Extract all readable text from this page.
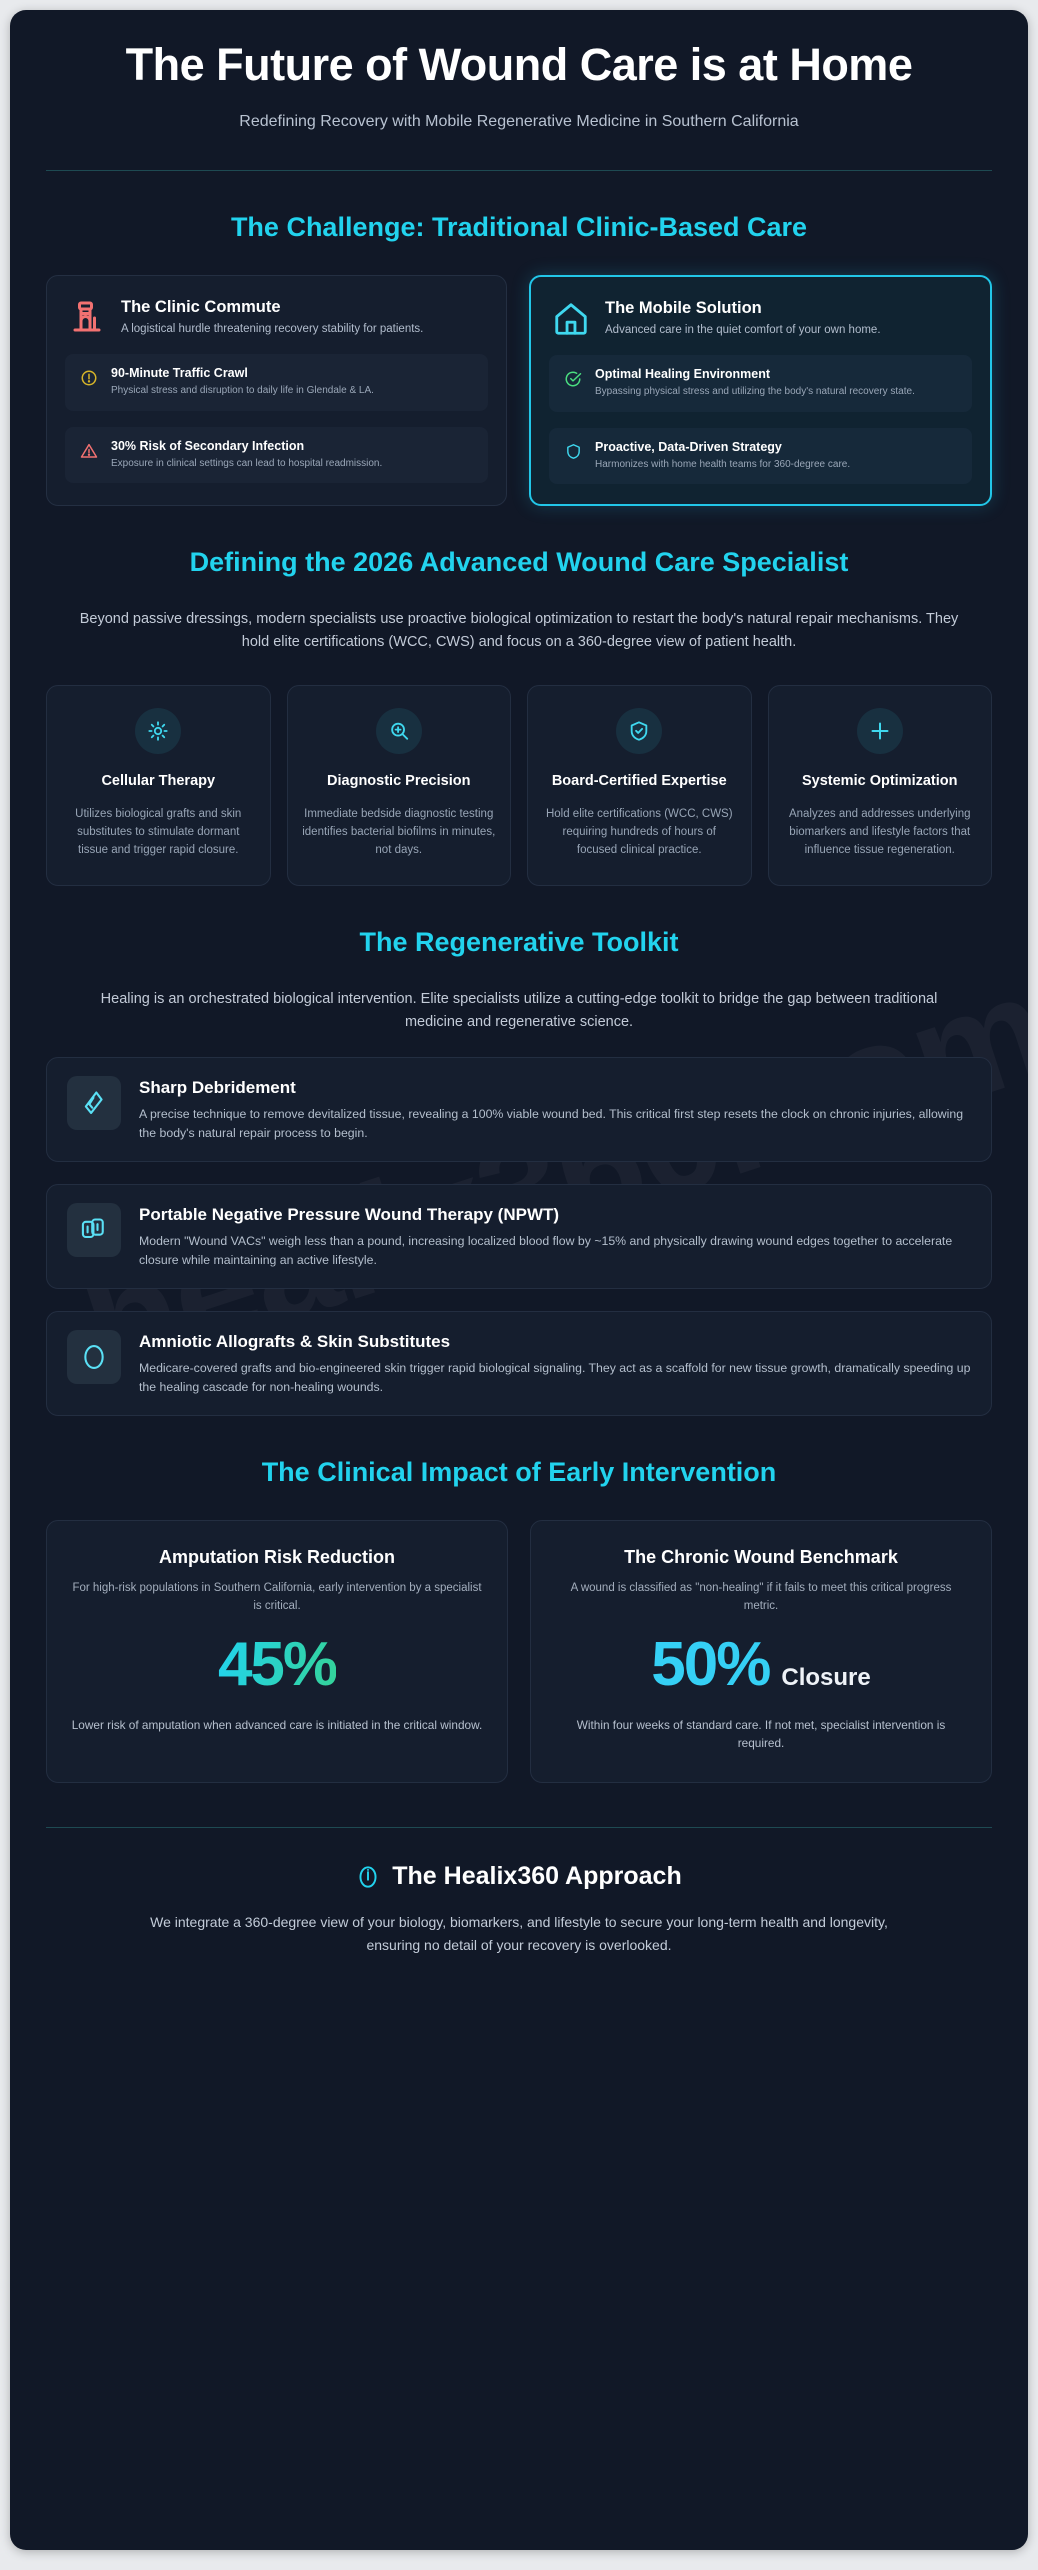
The Future of Wound Care is at Home

Redefining Recovery with Mobile Regenerative Medicine in Southern California

The Challenge: Traditional Clinic-Based Care
The Clinic Commute

A logistical hurdle threatening recovery stability for patients.

90-Minute Traffic Crawl

Physical stress and disruption to daily life in Glendale & LA.

30% Risk of Secondary Infection

Exposure in clinical settings can lead to hospital readmission.

The Mobile Solution

Advanced care in the quiet comfort of your own home.

Optimal Healing Environment

Bypassing physical stress and utilizing the body's natural recovery state.

Proactive, Data-Driven Strategy

Harmonizes with home health teams for 360-degree care.

Defining the 2026 Advanced Wound Care Specialist

Beyond passive dressings, modern specialists use proactive biological optimization to restart the body's natural repair mechanisms. They hold elite certifications (WCC, CWS) and focus on a 360-degree view of patient health.

Cellular Therapy

Utilizes biological grafts and skin substitutes to stimulate dormant tissue and trigger rapid closure.

Diagnostic Precision

Immediate bedside diagnostic testing identifies bacterial biofilms in minutes, not days.

Board-Certified Expertise

Hold elite certifications (WCC, CWS) requiring hundreds of hours of focused clinical practice.

Systemic Optimization

Analyzes and addresses underlying biomarkers and lifestyle factors that influence tissue regeneration.

The Regenerative Toolkit

Healing is an orchestrated biological intervention. Elite specialists utilize a cutting-edge toolkit to bridge the gap between traditional medicine and regenerative science.

Sharp Debridement

A precise technique to remove devitalized tissue, revealing a 100% viable wound bed. This critical first step resets the clock on chronic injuries, allowing the body's natural repair process to begin.

Portable Negative Pressure Wound Therapy (NPWT)

Modern "Wound VACs" weigh less than a pound, increasing localized blood flow by ~15% and physically drawing wound edges together to accelerate closure while maintaining an active lifestyle.

Amniotic Allografts & Skin Substitutes

Medicare-covered grafts and bio-engineered skin trigger rapid biological signaling. They act as a scaffold for new tissue growth, dramatically speeding up the healing cascade for non-healing wounds.

The Clinical Impact of Early Intervention
Amputation Risk Reduction

For high-risk populations in Southern California, early intervention by a specialist is critical.

45%

Lower risk of amputation when advanced care is initiated in the critical window.

The Chronic Wound Benchmark

A wound is classified as "non-healing" if it fails to meet this critical progress metric.

50% Closure

Within four weeks of standard care. If not met, specialist intervention is required.

The Healix360 Approach

We integrate a 360-degree view of your biology, biomarkers, and lifestyle to secure your long-term health and longevity, ensuring no detail of your recovery is overlooked.
